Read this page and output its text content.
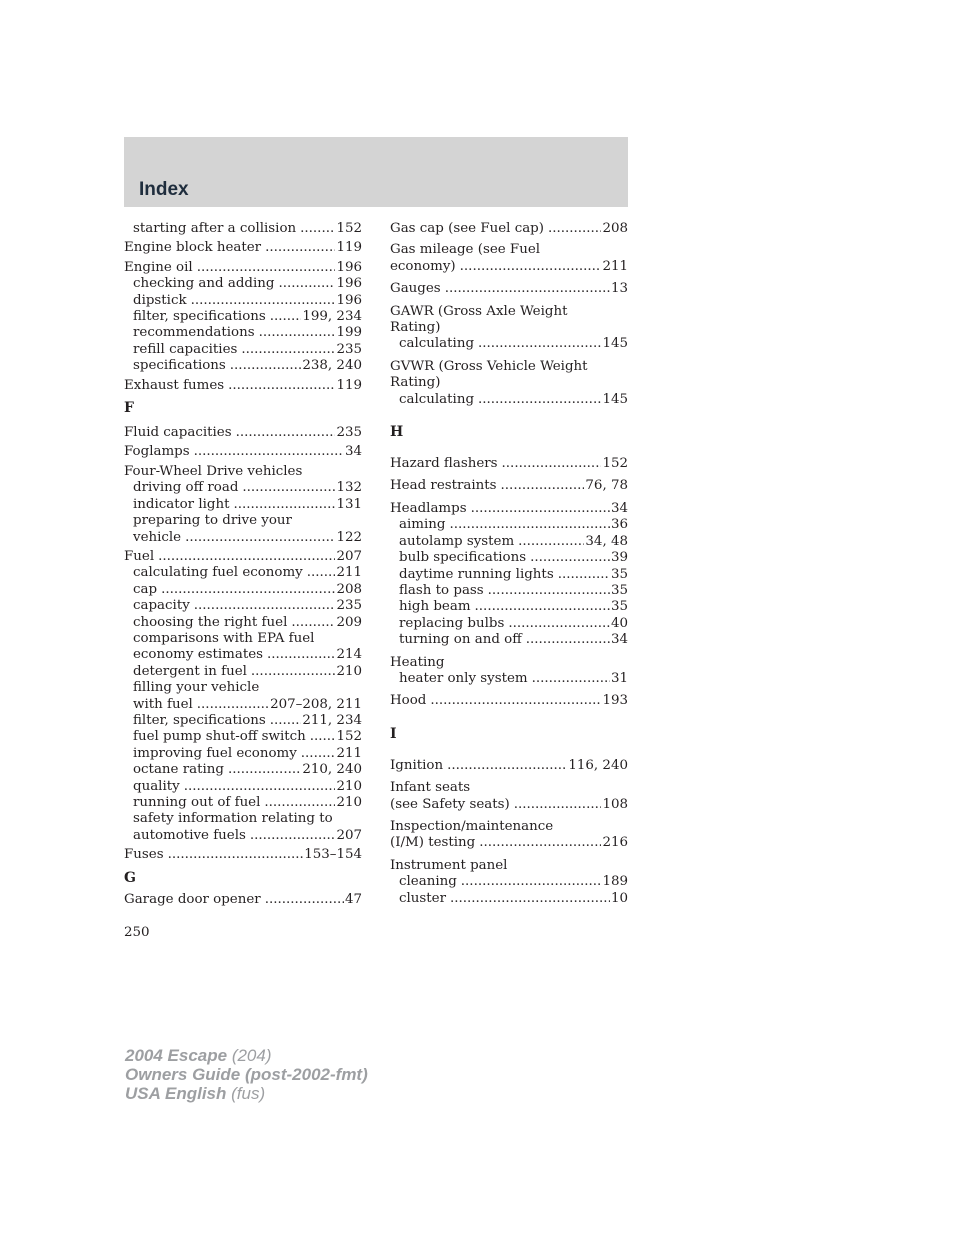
Index
starting after a collision .....	152
Engine block heater .....	119
Engine oil .....	196
checking and adding .....	196
dipstick .....	196
filter, specifications .....	199, 234
recommendations .....	199
refill capacities .....	235
specifications .....	238, 240
Exhaust fumes .....	119
F
Fluid capacities .....	235
Foglamps .....	34
Four-Wheel Drive vehicles
driving off road .....	132
indicator light .....	131
preparing to drive your
vehicle .....	122
Fuel .....	207
calculating fuel economy .....	211
cap .....	208
capacity .....	235
choosing the right fuel .....	209
comparisons with EPA fuel
economy estimates .....	214
detergent in fuel .....	210
filling your vehicle
with fuel .....	207–208, 211
filter, specifications .....	211, 234
fuel pump shut-off switch ..... 152
improving fuel economy .....	211
octane rating .....	210, 240
quality .....	210
running out of fuel .....	210
safety information relating to
automotive fuels .....	207
Fuses .....	153–154
G
Garage door opener .....	47
Gas cap (see Fuel cap) .....	208
Gas mileage (see Fuel
economy) .....	211
Gauges .....	13
GAWR (Gross Axle Weight
Rating)
calculating .....	145
GVWR (Gross Vehicle Weight
Rating)
calculating .....	145
H
Hazard flashers .....	152
Head restraints .....	76, 78
Headlamps .....	34
aiming .....	36
autolamp system .....	34, 48
bulb specifications .....	39
daytime running lights .....	35
flash to pass .....	35
high beam .....	35
replacing bulbs .....	40
turning on and off .....	34
Heating
heater only system .....	31
Hood .....	193
I
Ignition .....	116, 240
Infant seats
(see Safety seats) .....	108
Inspection/maintenance
(I/M) testing .....	216
Instrument panel
cleaning .....	189
cluster .....	10
250
2004 Escape (204)
Owners Guide (post-2002-fmt)
USA English (fus)
